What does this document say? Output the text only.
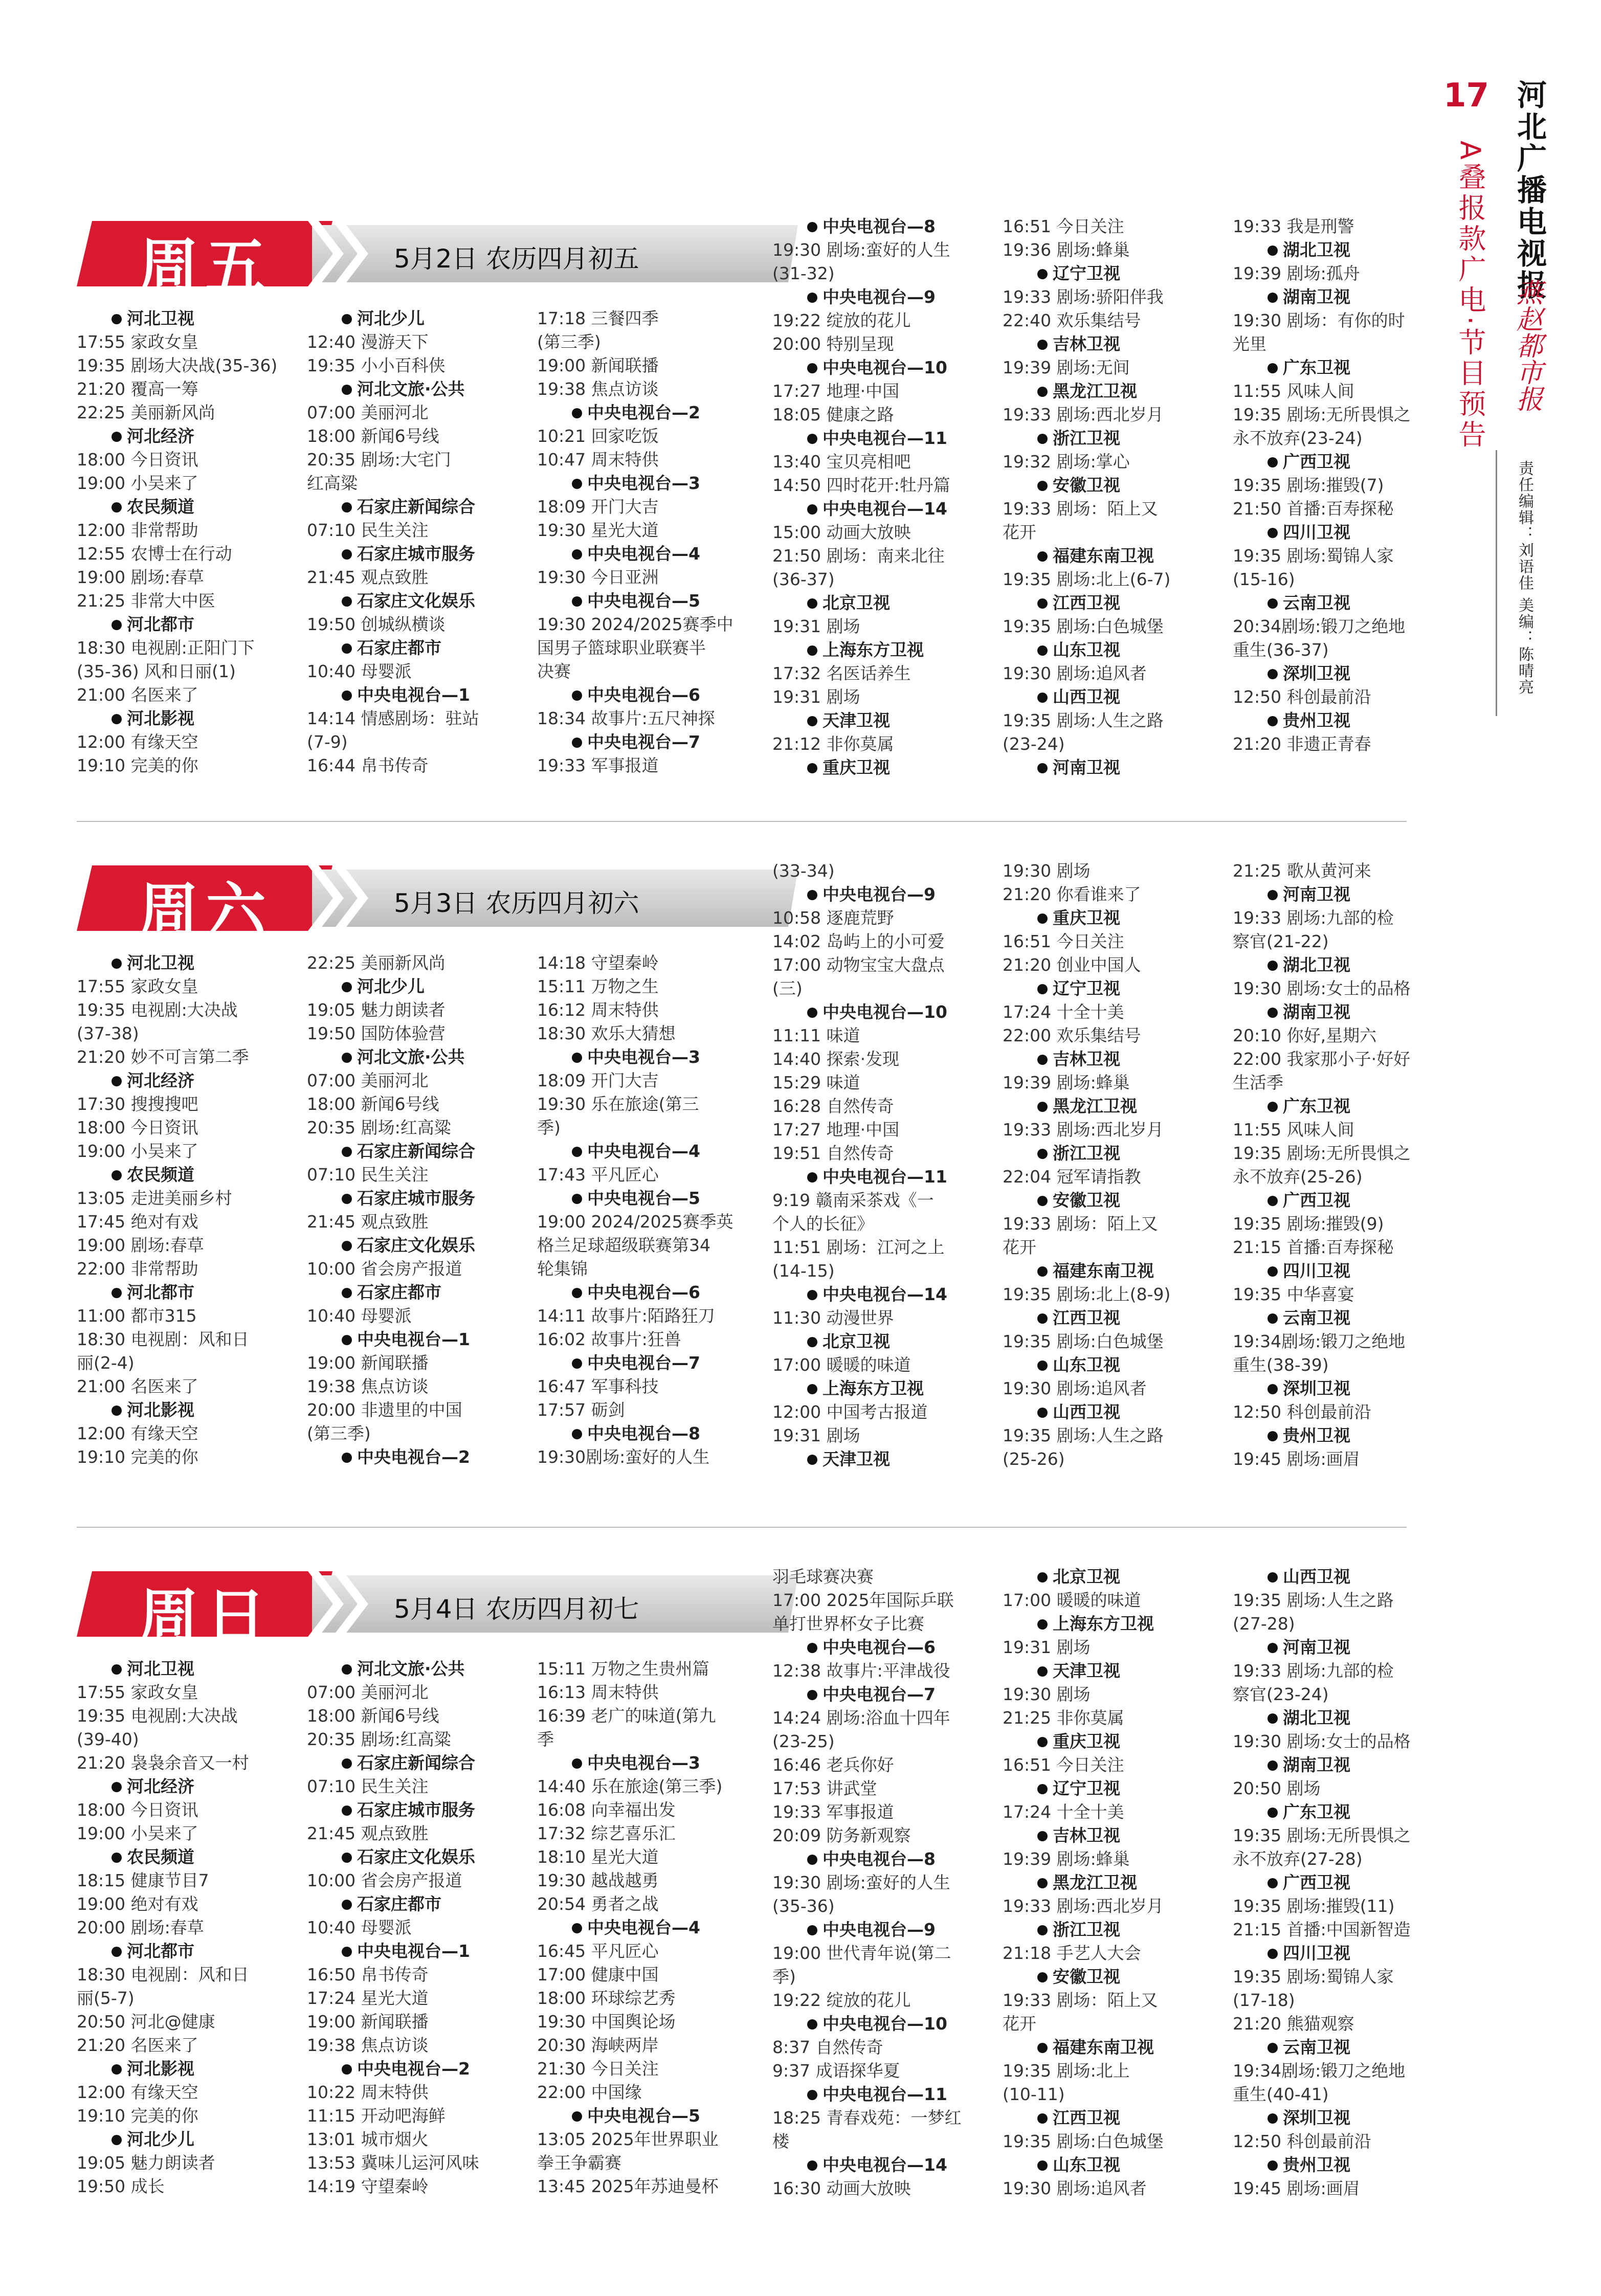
17 河北广播电视报
燕赵都市报
A叠报款广电·节目预告
责任编辑：刘语佳 美编：陈晴亮
周五	5月2日 农历四月初五
河北卫视
17:55 家政女皇
19:35 剧场大决战(35-36)
21:20 覆高一筹
22:25 美丽新风尚
河北经济
18:00 今日资讯
19:00 小吴来了
农民频道
12:00 非常帮助
12:55 农博士在行动
19:00 剧场:春草
21:25 非常大中医
河北都市
18:30 电视剧:正阳门下
(35-36) 风和日丽(1)
21:00 名医来了
河北影视
12:00 有缘天空
19:10 完美的你
河北少儿
12:40 漫游天下
19:35 小小百科侠
河北文旅·公共
07:00 美丽河北
18:00 新闻6号线
20:35 剧场:大宅门
红高粱
石家庄新闻综合
07:10 民生关注
石家庄城市服务
21:45 观点致胜
石家庄文化娱乐
19:50 创城纵横谈
石家庄都市
10:40 母婴派
中央电视台—1
14:14 情感剧场：驻站
(7-9)
16:44 帛书传奇
17:18 三餐四季
(第三季)
19:00 新闻联播
19:38 焦点访谈
中央电视台—2
10:21 回家吃饭
10:47 周末特供
中央电视台—3
18:09 开门大吉
19:30 星光大道
中央电视台—4
19:30 今日亚洲
中央电视台—5
19:30 2024/2025赛季中
国男子篮球职业联赛半
决赛
中央电视台—6
18:34 故事片:五尺神探
中央电视台—7
19:33 军事报道
中央电视台—8
19:30 剧场:蛮好的人生
(31-32)
中央电视台—9
19:22 绽放的花儿
20:00 特别呈现
中央电视台—10
17:27 地理·中国
18:05 健康之路
中央电视台—11
13:40 宝贝亮相吧
14:50 四时花开:牡丹篇
中央电视台—14
15:00 动画大放映
21:50 剧场：南来北往
(36-37)
北京卫视
19:31 剧场
上海东方卫视
17:32 名医话养生
19:31 剧场
天津卫视
21:12 非你莫属
重庆卫视
16:51 今日关注
19:36 剧场:蜂巢
辽宁卫视
19:33 剧场:骄阳伴我
22:40 欢乐集结号
吉林卫视
19:39 剧场:无间
黑龙江卫视
19:33 剧场:西北岁月
浙江卫视
19:32 剧场:掌心
安徽卫视
19:33 剧场：陌上又
花开
福建东南卫视
19:35 剧场:北上(6-7)
江西卫视
19:35 剧场:白色城堡
山东卫视
19:30 剧场:追风者
山西卫视
19:35 剧场:人生之路
(23-24)
河南卫视
19:33 我是刑警
湖北卫视
19:39 剧场:孤舟
湖南卫视
19:30 剧场：有你的时
光里
广东卫视
11:55 风味人间
19:35 剧场:无所畏惧之
永不放弃(23-24)
广西卫视
19:35 剧场:摧毁(7)
21:50 首播:百寿探秘
四川卫视
19:35 剧场:蜀锦人家
(15-16)
云南卫视
20:34剧场:锻刀之绝地
重生(36-37)
深圳卫视
12:50 科创最前沿
贵州卫视
21:20 非遗正青春
周六	5月3日 农历四月初六
河北卫视
17:55 家政女皇
19:35 电视剧:大决战
(37-38)
21:20 妙不可言第二季
河北经济
17:30 搜搜搜吧
18:00 今日资讯
19:00 小吴来了
农民频道
13:05 走进美丽乡村
17:45 绝对有戏
19:00 剧场:春草
22:00 非常帮助
河北都市
11:00 都市315
18:30 电视剧：风和日
丽(2-4)
21:00 名医来了
河北影视
12:00 有缘天空
19:10 完美的你
22:25 美丽新风尚
河北少儿
19:05 魅力朗读者
19:50 国防体验营
河北文旅·公共
07:00 美丽河北
18:00 新闻6号线
20:35 剧场:红高粱
石家庄新闻综合
07:10 民生关注
石家庄城市服务
21:45 观点致胜
石家庄文化娱乐
10:00 省会房产报道
石家庄都市
10:40 母婴派
中央电视台—1
19:00 新闻联播
19:38 焦点访谈
20:00 非遗里的中国
(第三季)
中央电视台—2
14:18 守望秦岭
15:11 万物之生
16:12 周末特供
18:30 欢乐大猜想
中央电视台—3
18:09 开门大吉
19:30 乐在旅途(第三
季)
中央电视台—4
17:43 平凡匠心
中央电视台—5
19:00 2024/2025赛季英
格兰足球超级联赛第34
轮集锦
中央电视台—6
14:11 故事片:陌路狂刀
16:02 故事片:狂兽
中央电视台—7
16:47 军事科技
17:57 砺剑
中央电视台—8
19:30剧场:蛮好的人生
(33-34)
中央电视台—9
10:58 逐鹿荒野
14:02 岛屿上的小可爱
17:00 动物宝宝大盘点
(三)
中央电视台—10
11:11 味道
14:40 探索·发现
15:29 味道
16:28 自然传奇
17:27 地理·中国
19:51 自然传奇
中央电视台—11
9:19 赣南采茶戏《一
个人的长征》
11:51 剧场：江河之上
(14-15)
中央电视台—14
11:30 动漫世界
北京卫视
17:00 暖暖的味道
上海东方卫视
12:00 中国考古报道
19:31 剧场
天津卫视
19:30 剧场
21:20 你看谁来了
重庆卫视
16:51 今日关注
21:20 创业中国人
辽宁卫视
17:24 十全十美
22:00 欢乐集结号
吉林卫视
19:39 剧场:蜂巢
黑龙江卫视
19:33 剧场:西北岁月
浙江卫视
22:04 冠军请指教
安徽卫视
19:33 剧场：陌上又
花开
福建东南卫视
19:35 剧场:北上(8-9)
江西卫视
19:35 剧场:白色城堡
山东卫视
19:30 剧场:追风者
山西卫视
19:35 剧场:人生之路
(25-26)
21:25 歌从黄河来
河南卫视
19:33 剧场:九部的检
察官(21-22)
湖北卫视
19:30 剧场:女士的品格
湖南卫视
20:10 你好,星期六
22:00 我家那小子·好好
生活季
广东卫视
11:55 风味人间
19:35 剧场:无所畏惧之
永不放弃(25-26)
广西卫视
19:35 剧场:摧毁(9)
21:15 首播:百寿探秘
四川卫视
19:35 中华喜宴
云南卫视
19:34剧场:锻刀之绝地
重生(38-39)
深圳卫视
12:50 科创最前沿
贵州卫视
19:45 剧场:画眉
周日	5月4日 农历四月初七
河北卫视
17:55 家政女皇
19:35 电视剧:大决战
(39-40)
21:20 袅袅余音又一村
河北经济
18:00 今日资讯
19:00 小吴来了
农民频道
18:15 健康节目7
19:00 绝对有戏
20:00 剧场:春草
河北都市
18:30 电视剧：风和日
丽(5-7)
20:50 河北@健康
21:20 名医来了
河北影视
12:00 有缘天空
19:10 完美的你
河北少儿
19:05 魅力朗读者
19:50 成长
河北文旅·公共
07:00 美丽河北
18:00 新闻6号线
20:35 剧场:红高粱
石家庄新闻综合
07:10 民生关注
石家庄城市服务
21:45 观点致胜
石家庄文化娱乐
10:00 省会房产报道
石家庄都市
10:40 母婴派
中央电视台—1
16:50 帛书传奇
17:24 星光大道
19:00 新闻联播
19:38 焦点访谈
中央电视台—2
10:22 周末特供
11:15 开动吧海鲜
13:01 城市烟火
13:53 冀味儿运河风味
14:19 守望秦岭
15:11 万物之生贵州篇
16:13 周末特供
16:39 老广的味道(第九
季
中央电视台—3
14:40 乐在旅途(第三季)
16:08 向幸福出发
17:32 综艺喜乐汇
18:10 星光大道
19:30 越战越勇
20:54 勇者之战
中央电视台—4
16:45 平凡匠心
17:00 健康中国
18:00 环球综艺秀
19:30 中国舆论场
20:30 海峡两岸
21:30 今日关注
22:00 中国缘
中央电视台—5
13:05 2025年世界职业
拳王争霸赛
13:45 2025年苏迪曼杯
羽毛球赛决赛
17:00 2025年国际乒联
单打世界杯女子比赛
中央电视台—6
12:38 故事片:平津战役
中央电视台—7
14:24 剧场:浴血十四年
(23-25)
16:46 老兵你好
17:53 讲武堂
19:33 军事报道
20:09 防务新观察
中央电视台—8
19:30 剧场:蛮好的人生
(35-36)
中央电视台—9
19:00 世代青年说(第二
季)
19:22 绽放的花儿
中央电视台—10
8:37 自然传奇
9:37 成语探华夏
中央电视台—11
18:25 青春戏苑：一梦红
楼
中央电视台—14
16:30 动画大放映
北京卫视
17:00 暖暖的味道
上海东方卫视
19:31 剧场
天津卫视
19:30 剧场
21:25 非你莫属
重庆卫视
16:51 今日关注
辽宁卫视
17:24 十全十美
吉林卫视
19:39 剧场:蜂巢
黑龙江卫视
19:33 剧场:西北岁月
浙江卫视
21:18 手艺人大会
安徽卫视
19:33 剧场：陌上又
花开
福建东南卫视
19:35 剧场:北上
(10-11)
江西卫视
19:35 剧场:白色城堡
山东卫视
19:30 剧场:追风者
山西卫视
19:35 剧场:人生之路
(27-28)
河南卫视
19:33 剧场:九部的检
察官(23-24)
湖北卫视
19:30 剧场:女士的品格
湖南卫视
20:50 剧场
广东卫视
19:35 剧场:无所畏惧之
永不放弃(27-28)
广西卫视
19:35 剧场:摧毁(11)
21:15 首播:中国新智造
四川卫视
19:35 剧场:蜀锦人家
(17-18)
21:20 熊猫观察
云南卫视
19:34剧场:锻刀之绝地
重生(40-41)
深圳卫视
12:50 科创最前沿
贵州卫视
19:45 剧场:画眉
